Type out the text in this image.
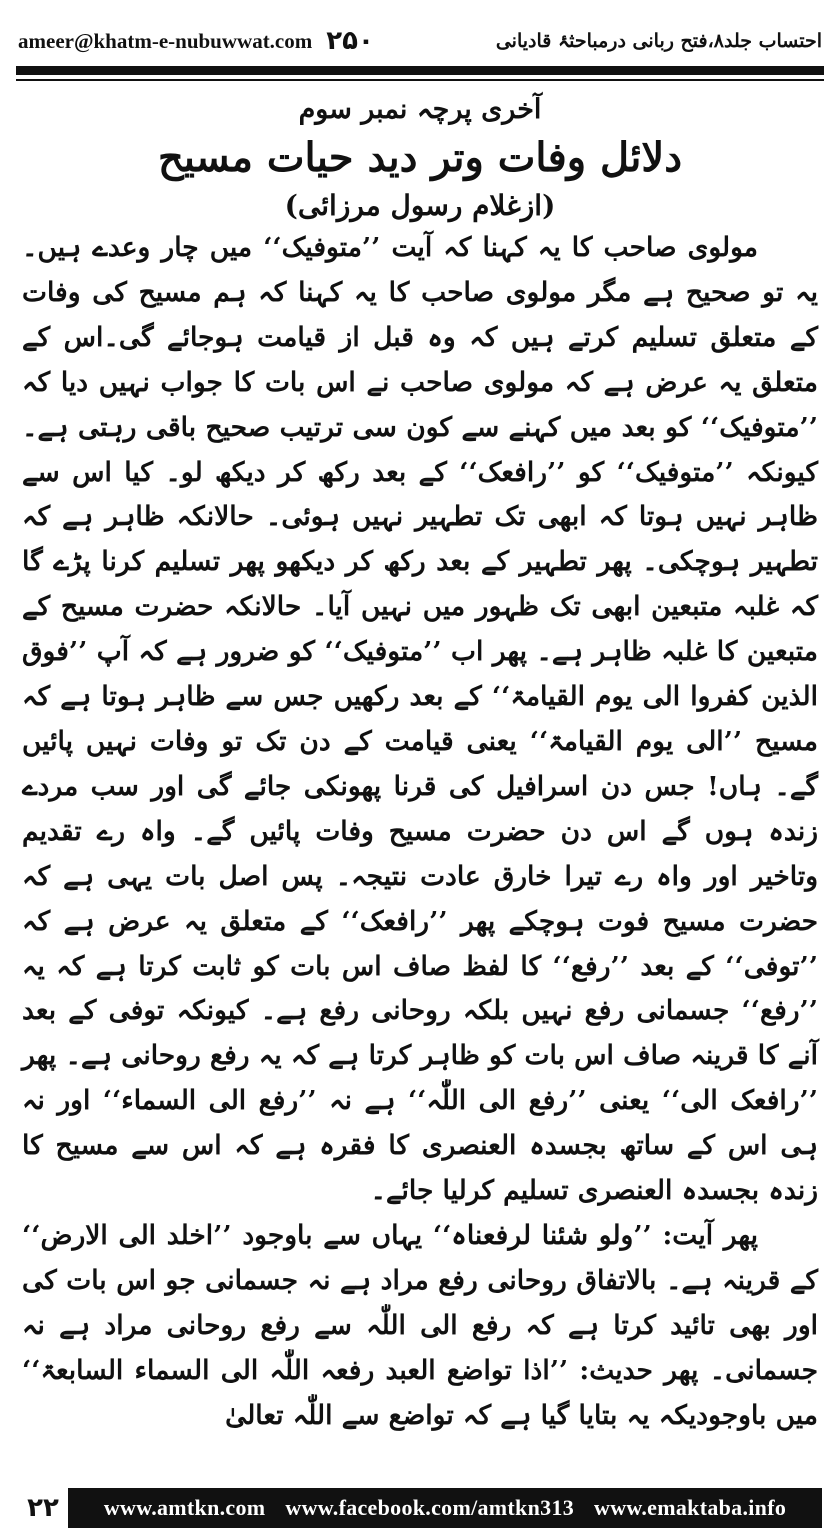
ameer@khatm-e-nubuwwat.com ۲۵۰	احتساب جلد۸،فتح ربانی درمباحثۂ قادیانی
آخری پرچہ نمبر سوم
دلائل وفات وتر دید حیات مسیح
(ازغلام رسول مرزائی)

مولوی صاحب کا یہ کہنا کہ آیت ’’متوفیک‘‘ میں چار وعدے ہیں۔ یہ تو صحیح ہے مگر مولوی صاحب کا یہ کہنا کہ ہم مسیح کی وفات کے متعلق تسلیم کرتے ہیں کہ وہ قبل از قیامت ہوجائے گی۔اس کے متعلق یہ عرض ہے کہ مولوی صاحب نے اس بات کا جواب نہیں دیا کہ ’’متوفیک‘‘ کو بعد میں کہنے سے کون سی ترتیب صحیح باقی رہتی ہے۔ کیونکہ ’’متوفیک‘‘ کو ’’رافعک‘‘ کے بعد رکھ کر دیکھ لو۔ کیا اس سے ظاہر نہیں ہوتا کہ ابھی تک تطہیر نہیں ہوئی۔ حالانکہ ظاہر ہے کہ تطہیر ہوچکی۔ پھر تطہیر کے بعد رکھ کر دیکھو پھر تسلیم کرنا پڑے گا کہ غلبہ متبعین ابھی تک ظہور میں نہیں آیا۔ حالانکہ حضرت مسیح کے متبعین کا غلبہ ظاہر ہے۔ پھر اب ’’متوفیک‘‘ کو ضرور ہے کہ آپ ’’فوق الذین کفروا الی یوم القیامۃ‘‘ کے بعد رکھیں جس سے ظاہر ہوتا ہے کہ مسیح ’’الی یوم القیامۃ‘‘ یعنی قیامت کے دن تک تو وفات نہیں پائیں گے۔ ہاں! جس دن اسرافیل کی قرنا پھونکی جائے گی اور سب مردے زندہ ہوں گے اس دن حضرت مسیح وفات پائیں گے۔ واہ رے تقدیم وتاخیر اور واہ رے تیرا خارق عادت نتیجہ۔ پس اصل بات یہی ہے کہ حضرت مسیح فوت ہوچکے پھر ’’رافعک‘‘ کے متعلق یہ عرض ہے کہ ’’توفی‘‘ کے بعد ’’رفع‘‘ کا لفظ صاف اس بات کو ثابت کرتا ہے کہ یہ ’’رفع‘‘ جسمانی رفع نہیں بلکہ روحانی رفع ہے۔ کیونکہ توفی کے بعد آنے کا قرینہ صاف اس بات کو ظاہر کرتا ہے کہ یہ رفع روحانی ہے۔ پھر ’’رافعک الی‘‘ یعنی ’’رفع الی اللّٰہ‘‘ ہے نہ ’’رفع الی السماء‘‘ اور نہ ہی اس کے ساتھ بجسدہ العنصری کا فقرہ ہے کہ اس سے مسیح کا زندہ بجسدہ العنصری تسلیم کرلیا جائے۔

پھر آیت: ’’ولو شئنا لرفعناہ‘‘ یہاں سے باوجود ’’اخلد الی الارض‘‘ کے قرینہ ہے۔ بالاتفاق روحانی رفع مراد ہے نہ جسمانی جو اس بات کی اور بھی تائید کرتا ہے کہ رفع الی اللّٰہ سے رفع روحانی مراد ہے نہ جسمانی۔ پھر حدیث: ’’اذا تواضع العبد رفعہ اللّٰہ الی السماء السابعۃ‘‘ میں باوجودیکہ یہ بتایا گیا ہے کہ تواضع سے اللّٰہ تعالیٰ

۲۲	www.amtkn.com www.facebook.com/amtkn313 www.emaktaba.info
